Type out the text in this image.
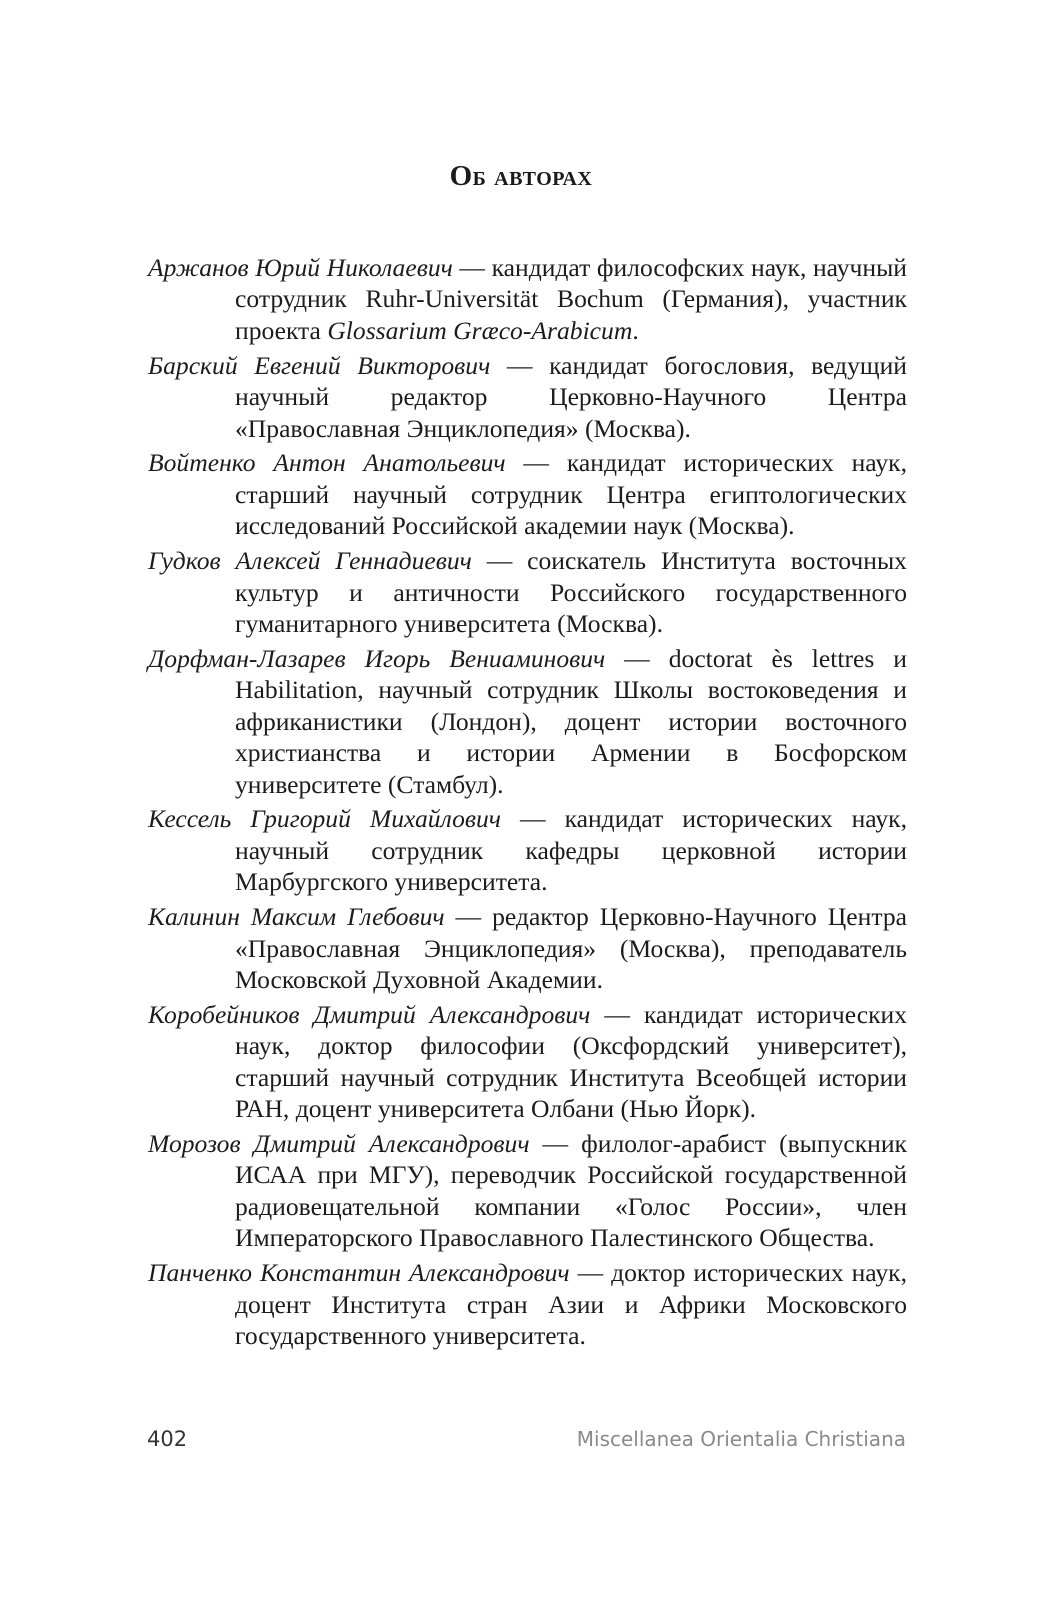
Об авторах

Аржанов Юрий Николаевич — кандидат философских наук, научный сотрудник Ruhr-Universität Bochum (Германия), участник проекта Glossarium Græco-Arabicum.

Барский Евгений Викторович — кандидат богословия, ведущий научный редактор Церковно-Научного Центра «Православная Энциклопедия» (Москва).

Войтенко Антон Анатольевич — кандидат исторических наук, старший научный сотрудник Центра египтологических исследований Российской академии наук (Москва).

Гудков Алексей Геннадиевич — соискатель Института восточных культур и античности Российского государственного гуманитарного университета (Москва).

Дорфман-Лазарев Игорь Вениаминович — doctorat ès lettres и Habilitation, научный сотрудник Школы востоковедения и африканистики (Лондон), доцент истории восточного христианства и истории Армении в Босфорском университете (Стамбул).

Кессель Григорий Михайлович — кандидат исторических наук, научный сотрудник кафедры церковной истории Марбургского университета.

Калинин Максим Глебович — редактор Церковно-Научного Центра «Православная Энциклопедия» (Москва), преподаватель Московской Духовной Академии.

Коробейников Дмитрий Александрович — кандидат исторических наук, доктор философии (Оксфордский университет), старший научный сотрудник Института Всеобщей истории РАН, доцент университета Олбани (Нью Йорк).

Морозов Дмитрий Александрович — филолог-арабист (выпускник ИСАА при МГУ), переводчик Российской государственной радиовещательной компании «Голос России», член Императорского Православного Палестинского Общества.

Панченко Константин Александрович — доктор исторических наук, доцент Института стран Азии и Африки Московского государственного университета.

402	Miscellanea Orientalia Christiana
